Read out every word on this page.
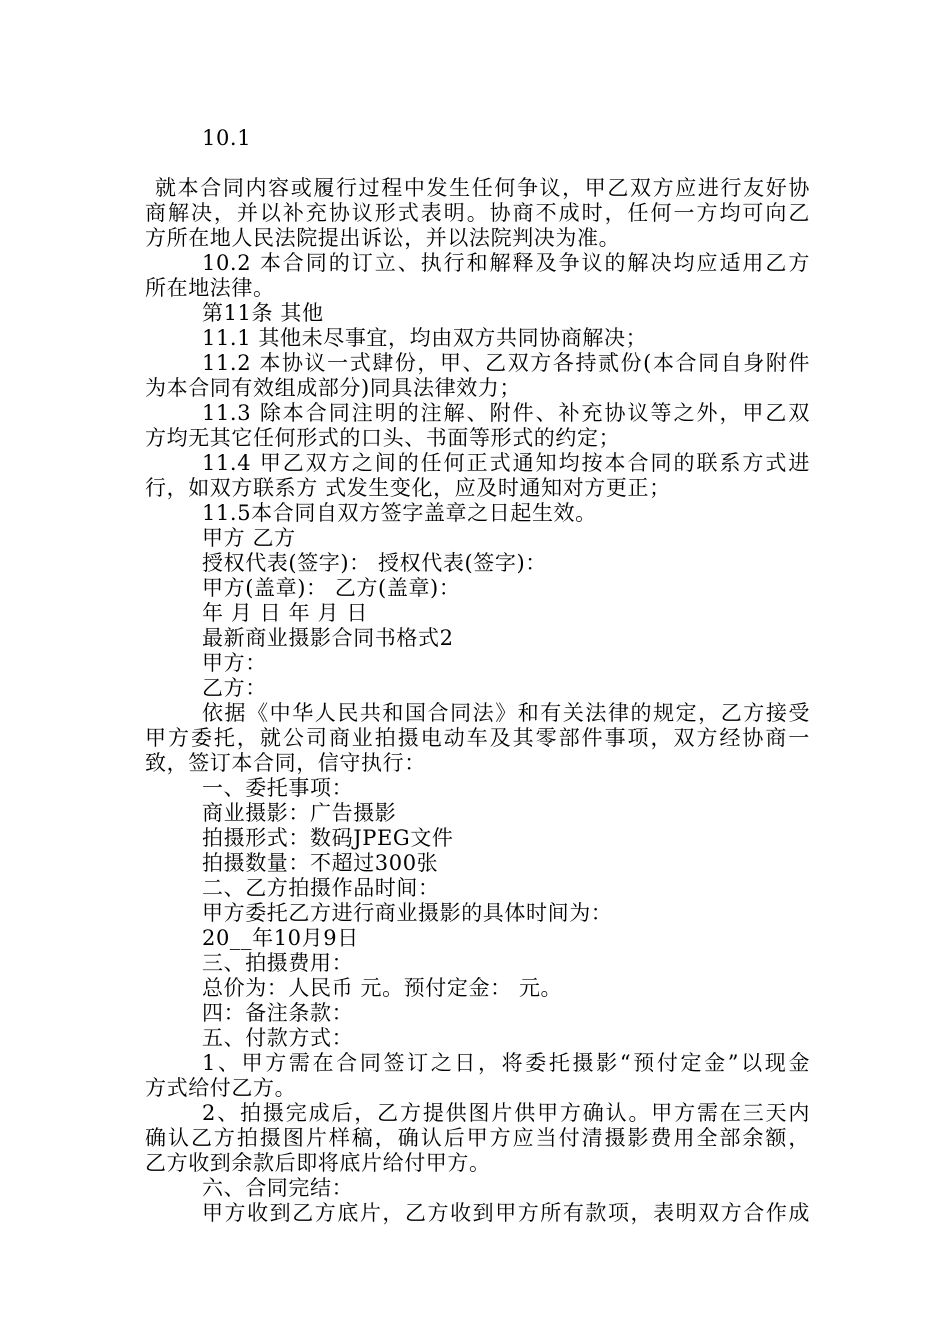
10.1
就本合同内容或履行过程中发生任何争议，甲乙双方应进行友好协
商解决，并以补充协议形式表明。协商不成时，任何一方均可向乙
方所在地人民法院提出诉讼，并以法院判决为准。
10.2 本合同的订立、执行和解释及争议的解决均应适用乙方
所在地法律。
第11条 其他
11.1 其他未尽事宜，均由双方共同协商解决；
11.2 本协议一式肆份，甲、乙双方各持贰份(本合同自身附件
为本合同有效组成部分)同具法律效力；
11.3 除本合同注明的注解、附件、补充协议等之外，甲乙双
方均无其它任何形式的口头、书面等形式的约定；
11.4 甲乙双方之间的任何正式通知均按本合同的联系方式进
行，如双方联系方 式发生变化，应及时通知对方更正；
11.5本合同自双方签字盖章之日起生效。
甲方 乙方
授权代表(签字)： 授权代表(签字)：
甲方(盖章)： 乙方(盖章)：
年 月 日 年 月 日
最新商业摄影合同书格式2
甲方：
乙方：
依据《中华人民共和国合同法》和有关法律的规定，乙方接受
甲方委托，就公司商业拍摄电动车及其零部件事项，双方经协商一
致，签订本合同，信守执行：
一、委托事项：
商业摄影：广告摄影
拍摄形式：数码JPEG文件
拍摄数量：不超过300张
二、乙方拍摄作品时间：
甲方委托乙方进行商业摄影的具体时间为：
20__年10月9日
三、拍摄费用：
总价为：人民币 元。预付定金： 元。
四：备注条款：
五、付款方式：
1、甲方需在合同签订之日，将委托摄影“预付定金”以现金
方式给付乙方。
2、拍摄完成后，乙方提供图片供甲方确认。甲方需在三天内
确认乙方拍摄图片样稿，确认后甲方应当付清摄影费用全部余额，
乙方收到余款后即将底片给付甲方。
六、合同完结：
甲方收到乙方底片，乙方收到甲方所有款项，表明双方合作成
